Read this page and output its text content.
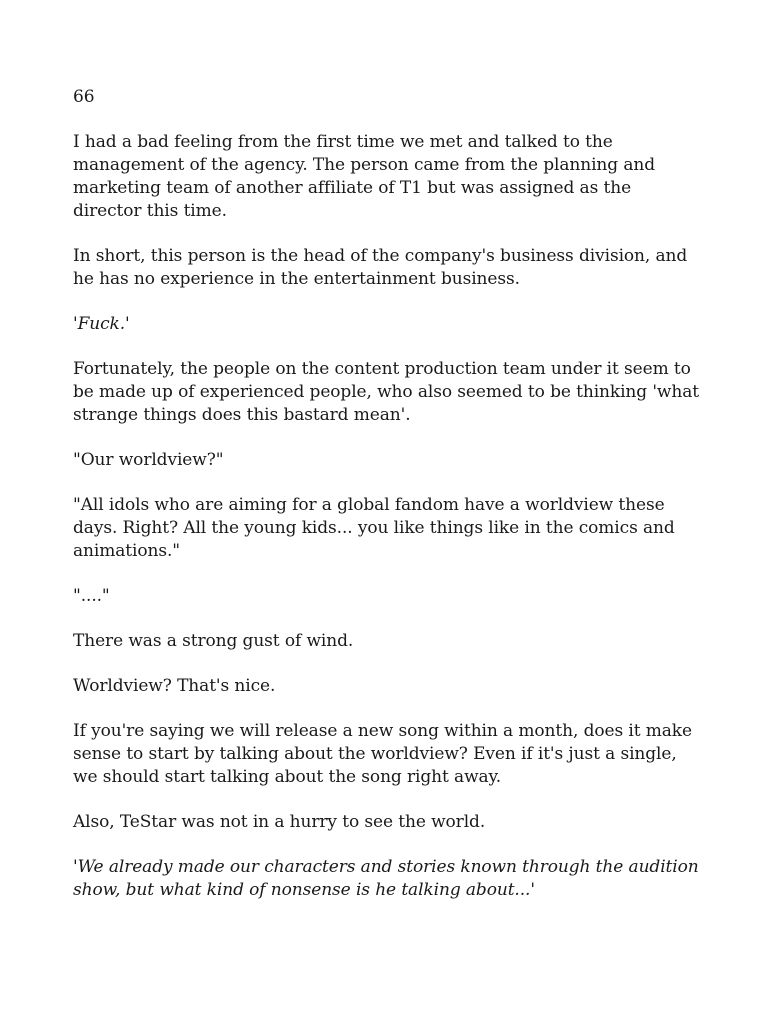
66

I had a bad feeling from the first time we met and talked to the management of the agency. The person came from the planning and marketing team of another affiliate of T1 but was assigned as the director this time.

In short, this person is the head of the company's business division, and he has no experience in the entertainment business.

'Fuck.'

Fortunately, the people on the content production team under it seem to be made up of experienced people, who also seemed to be thinking 'what strange things does this bastard mean'.

"Our worldview?"

"All idols who are aiming for a global fandom have a worldview these days. Right? All the young kids... you like things like in the comics and animations."

"...."

There was a strong gust of wind.

Worldview? That's nice.

If you're saying we will release a new song within a month, does it make sense to start by talking about the worldview? Even if it's just a single, we should start talking about the song right away.

Also, TeStar was not in a hurry to see the world.

'We already made our characters and stories known through the audition show, but what kind of nonsense is he talking about...'
